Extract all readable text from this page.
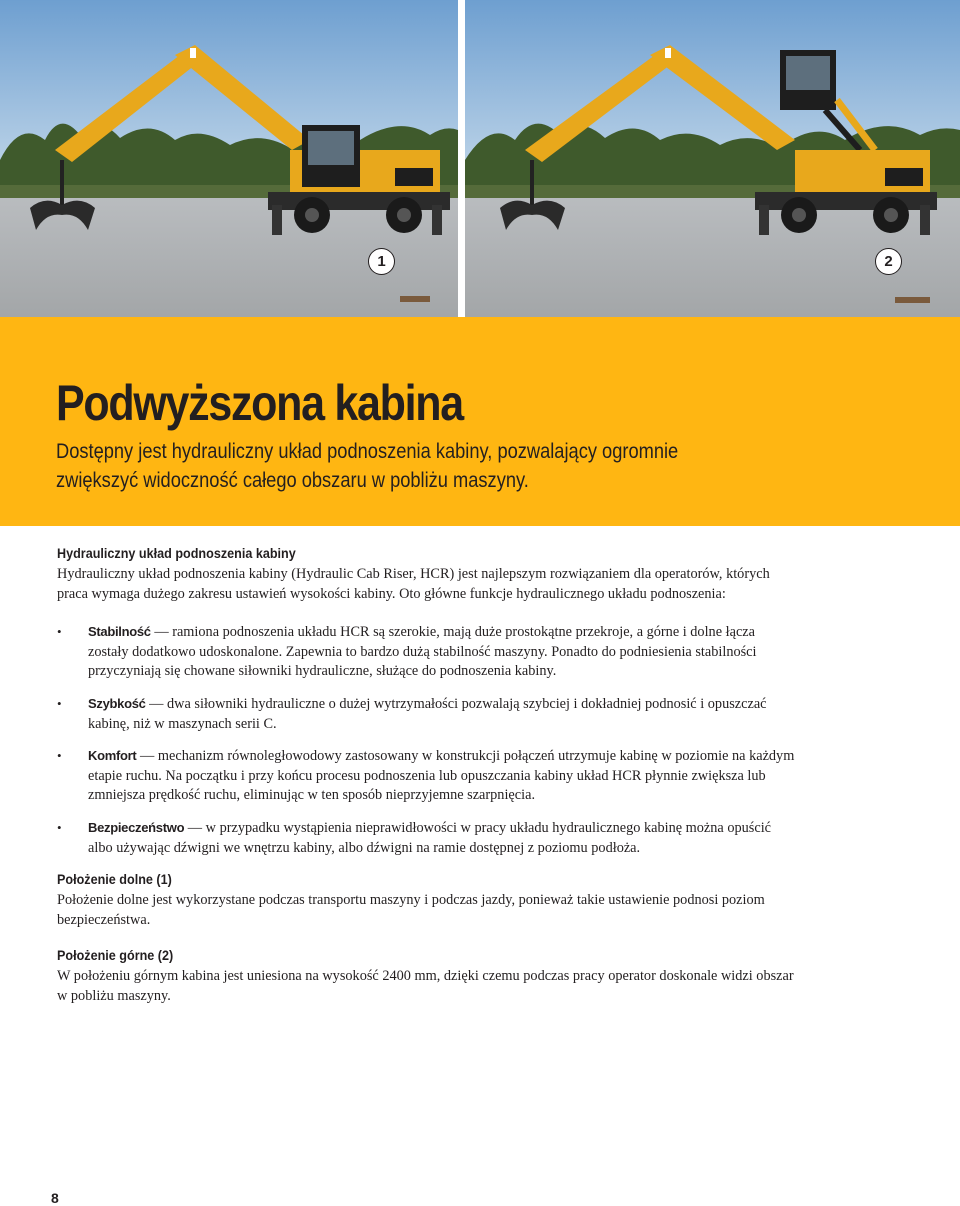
1	2
Podwyższona kabina

Dostępny jest hydrauliczny układ podnoszenia kabiny, pozwalający ogromnie zwiększyć widoczność całego obszaru w pobliżu maszyny.

Hydrauliczny układ podnoszenia kabiny

Hydrauliczny układ podnoszenia kabiny (Hydraulic Cab Riser, HCR) jest najlepszym rozwiązaniem dla operatorów, których praca wymaga dużego zakresu ustawień wysokości kabiny. Oto główne funkcje hydraulicznego układu podnoszenia:

• Stabilność — ramiona podnoszenia układu HCR są szerokie, mają duże prostokątne przekroje, a górne i dolne łącza zostały dodatkowo udoskonalone. Zapewnia to bardzo dużą stabilność maszyny. Ponadto do podniesienia stabilności przyczyniają się chowane siłowniki hydrauliczne, służące do podnoszenia kabiny.
• Szybkość — dwa siłowniki hydrauliczne o dużej wytrzymałości pozwalają szybciej i dokładniej podnosić i opuszczać kabinę, niż w maszynach serii C.
• Komfort — mechanizm równoległowodowy zastosowany w konstrukcji połączeń utrzymuje kabinę w poziomie na każdym etapie ruchu. Na początku i przy końcu procesu podnoszenia lub opuszczania kabiny układ HCR płynnie zwiększa lub zmniejsza prędkość ruchu, eliminując w ten sposób nieprzyjemne szarpnięcia.
• Bezpieczeństwo — w przypadku wystąpienia nieprawidłowości w pracy układu hydraulicznego kabinę można opuścić albo używając dźwigni we wnętrzu kabiny, albo dźwigni na ramie dostępnej z poziomu podłoża.
Położenie dolne (1)

Położenie dolne jest wykorzystane podczas transportu maszyny i podczas jazdy, ponieważ takie ustawienie podnosi poziom bezpieczeństwa.

Położenie górne (2)

W położeniu górnym kabina jest uniesiona na wysokość 2400 mm, dzięki czemu podczas pracy operator doskonale widzi obszar w pobliżu maszyny.

8
